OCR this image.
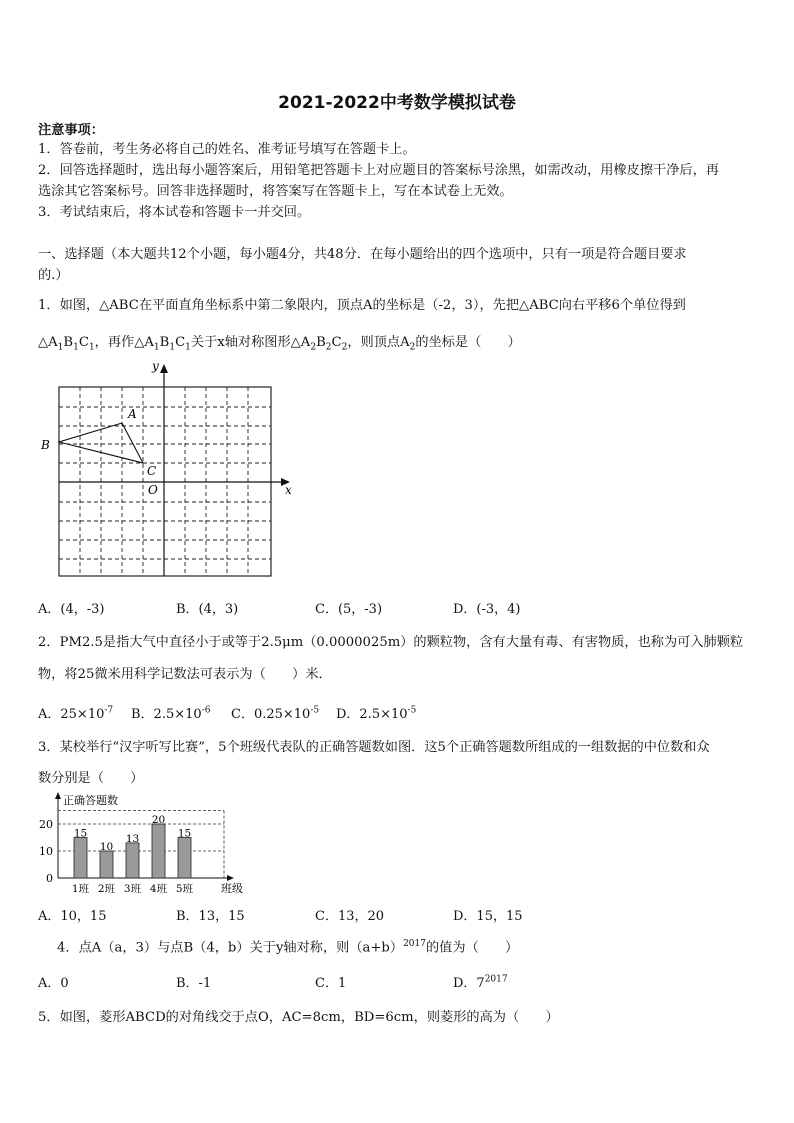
2021-2022中考数学模拟试卷
注意事项：
1．答卷前，考生务必将自己的姓名、准考证号填写在答题卡上。
2．回答选择题时，选出每小题答案后，用铅笔把答题卡上对应题目的答案标号涂黑，如需改动，用橡皮擦干净后，再
选涂其它答案标号。回答非选择题时，将答案写在答题卡上，写在本试卷上无效。
3．考试结束后，将本试卷和答题卡一并交回。
一、选择题（本大题共12个小题，每小题4分，共48分．在每小题给出的四个选项中，只有一项是符合题目要求
的.）
1．如图，△ABC在平面直角坐标系中第二象限内，顶点A的坐标是（-2，3），先把△ABC向右平移6个单位得到
$\triangle A_1B_1C_1$，再作$\triangle A_1B_1C_1$关于x轴对称图形$\triangle A_2B_2C_2$，则顶点$A_2$的坐标是（　　）
y
x
A
B
C
O
A．(4，-3)	B．(4，3)	C．(5，-3)	D．(-3，4)
2．PM2.5是指大气中直径小于或等于2.5μm（0.0000025m）的颗粒物，含有大量有毒、有害物质，也称为可入肺颗粒
物，将25微米用科学记数法可表示为（　　）米．
A．$25\times 10^{-7}$ B．$2.5\times 10^{-6}$ C．$0.25\times 10^{-5}$ D．$2.5\times 10^{-5}$
3．某校举行“汉字听写比赛”，5个班级代表队的正确答题数如图．这5个正确答题数所组成的一组数据的中位数和众
数分别是（　　）
正确答题数
班级
0
10
20
15
1班
10
2班
13
3班
20
4班
15
5班
A．10，15	B．13，15	C．13，20	D．15，15
4．点A（a，3）与点B（4，b）关于y轴对称，则$(a+b)^{2017}$的值为（　　）
A．0	B．-1	C．1	D．$7^{2017}$
5．如图，菱形ABCD的对角线交于点O，AC=8cm，BD=6cm，则菱形的高为（　　）
